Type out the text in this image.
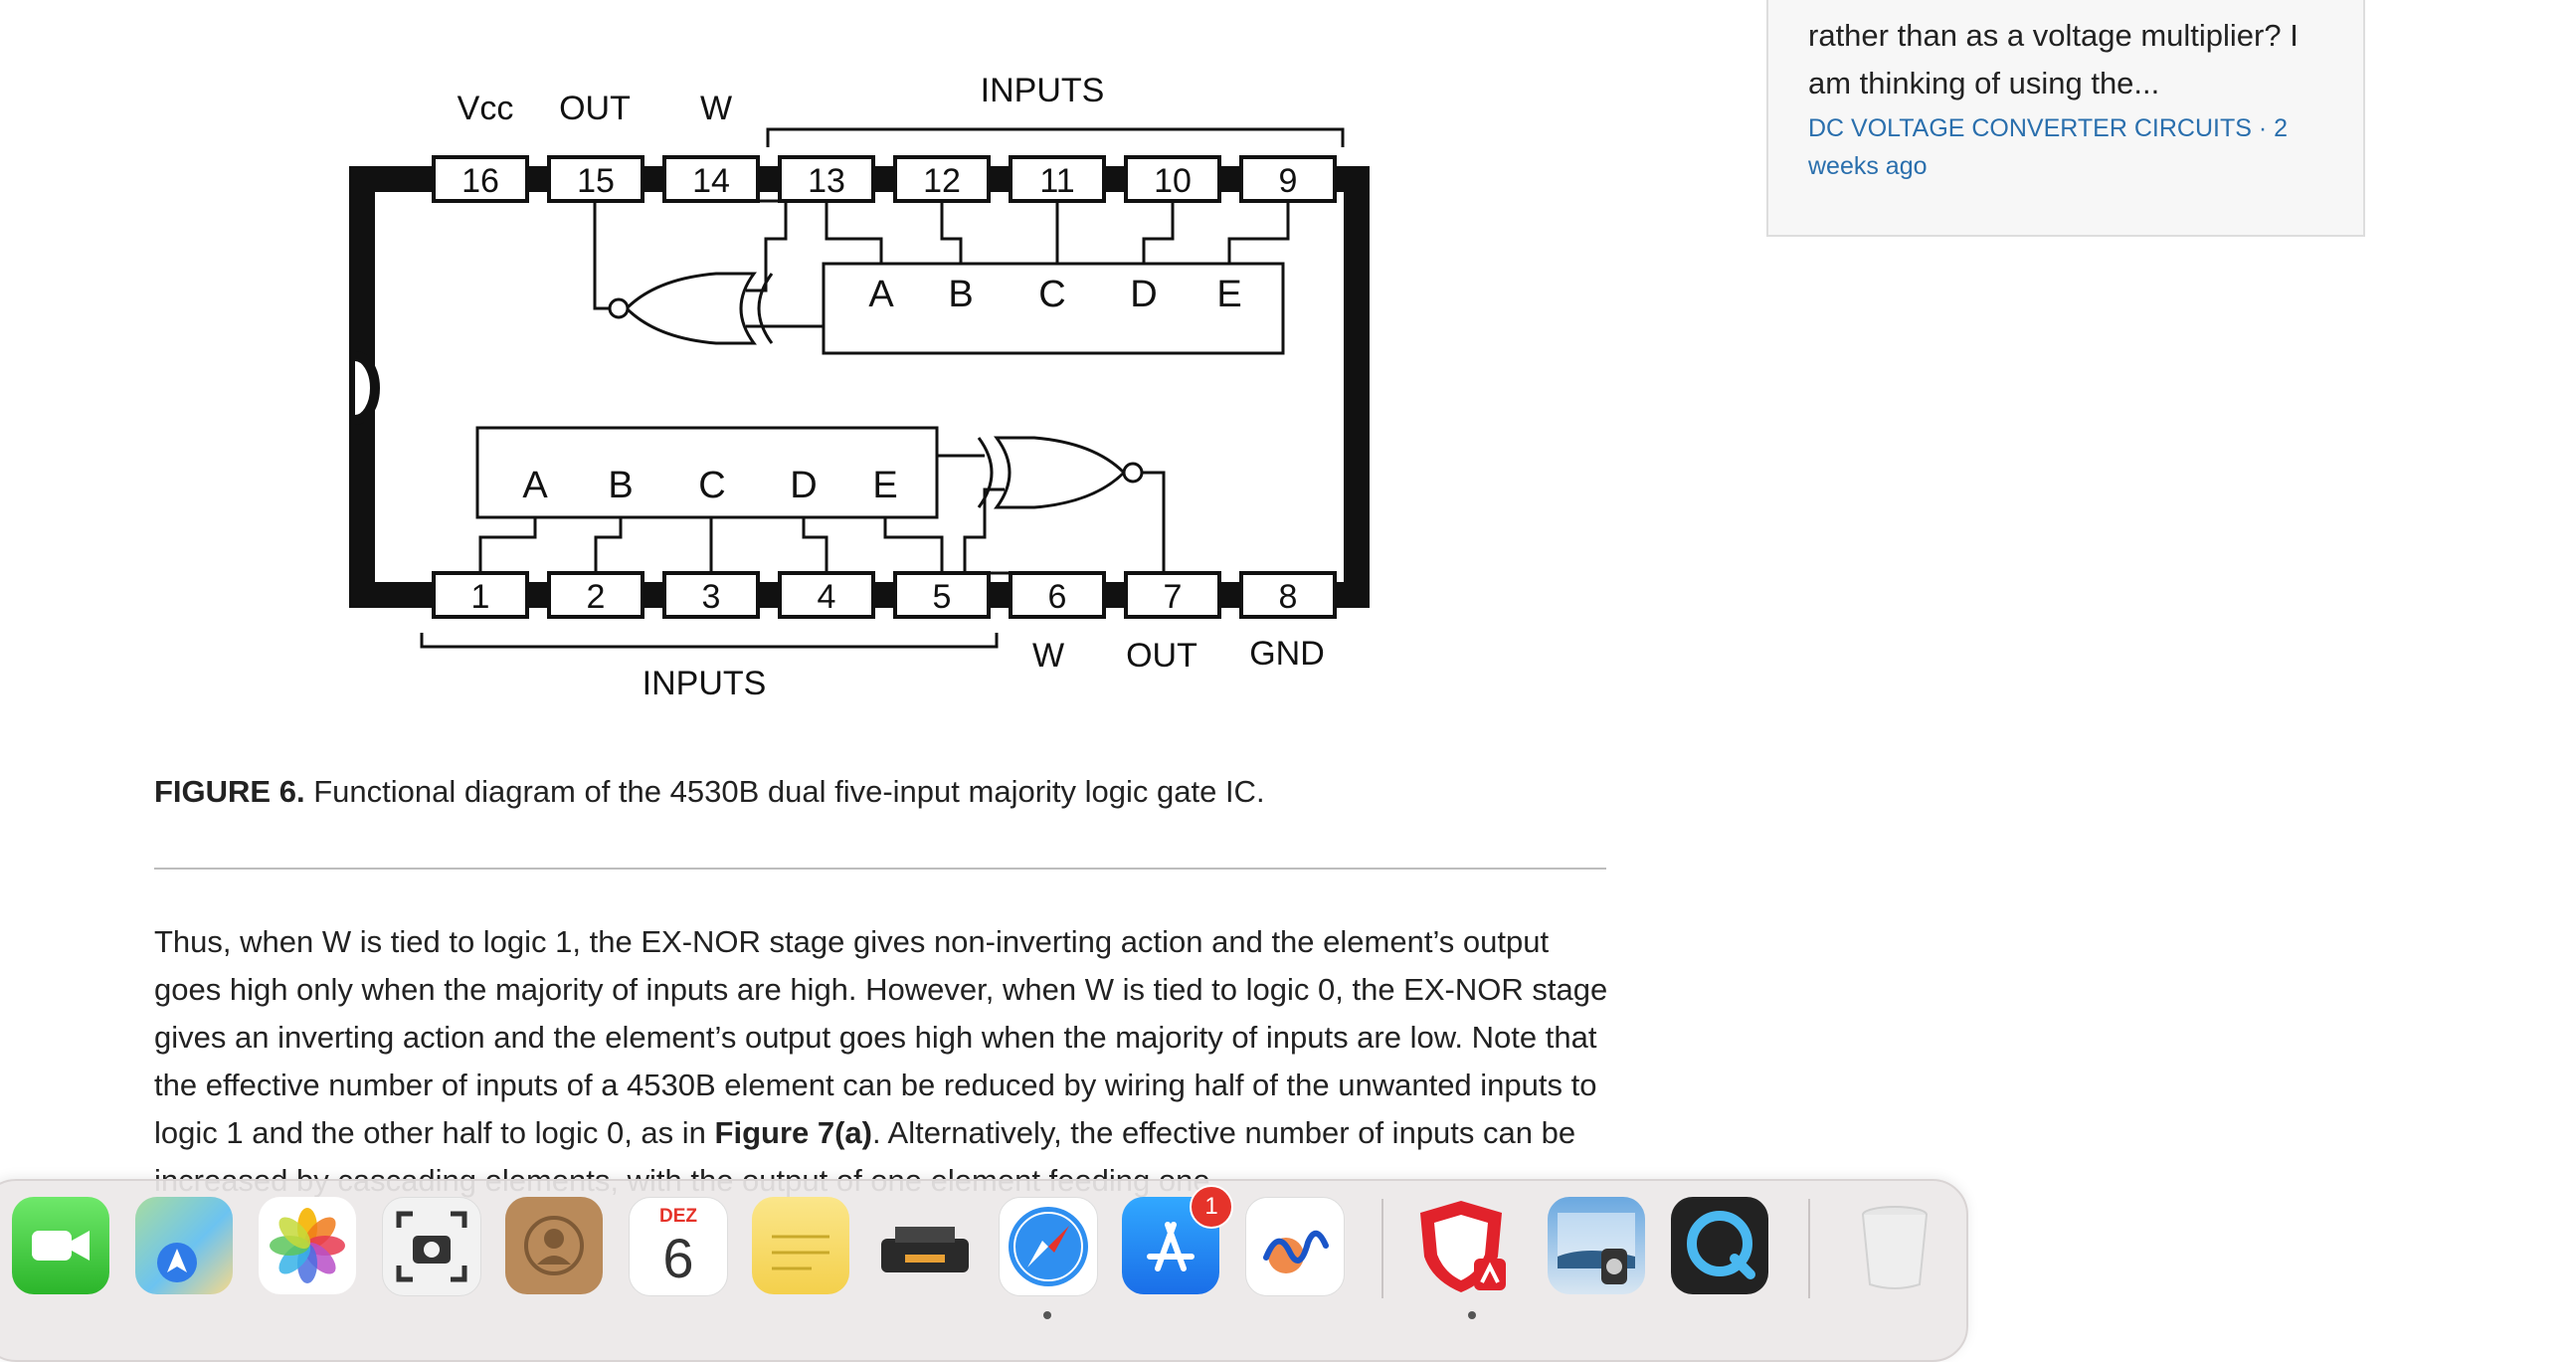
Vcc OUT W	INPUTS
16 15 14 13 12 11 10	9
A B C D E
A B C D E
1	2	3	4	5	6	7	8
INPUTS
W OUT GND
FIGURE 6. Functional diagram of the 4530B dual five-input majority logic gate IC.

Thus, when W is tied to logic 1, the EX-NOR stage gives non-inverting action and the element’s output goes high only when the majority of inputs are high. However, when W is tied to logic 0, the EX-NOR stage gives an inverting action and the element’s output goes high when the majority of inputs are low. Note that the effective number of inputs of a 4530B element can be reduced by wiring half of the unwanted inputs to logic 1 and the other half to logic 0, as in Figure 7(a). Alternatively, the effective number of inputs can be

rather than as a voltage multiplier? I am thinking of using the...
DC VOLTAGE CONVERTER CIRCUITS · 2 weeks ago
DEZ
6
1
